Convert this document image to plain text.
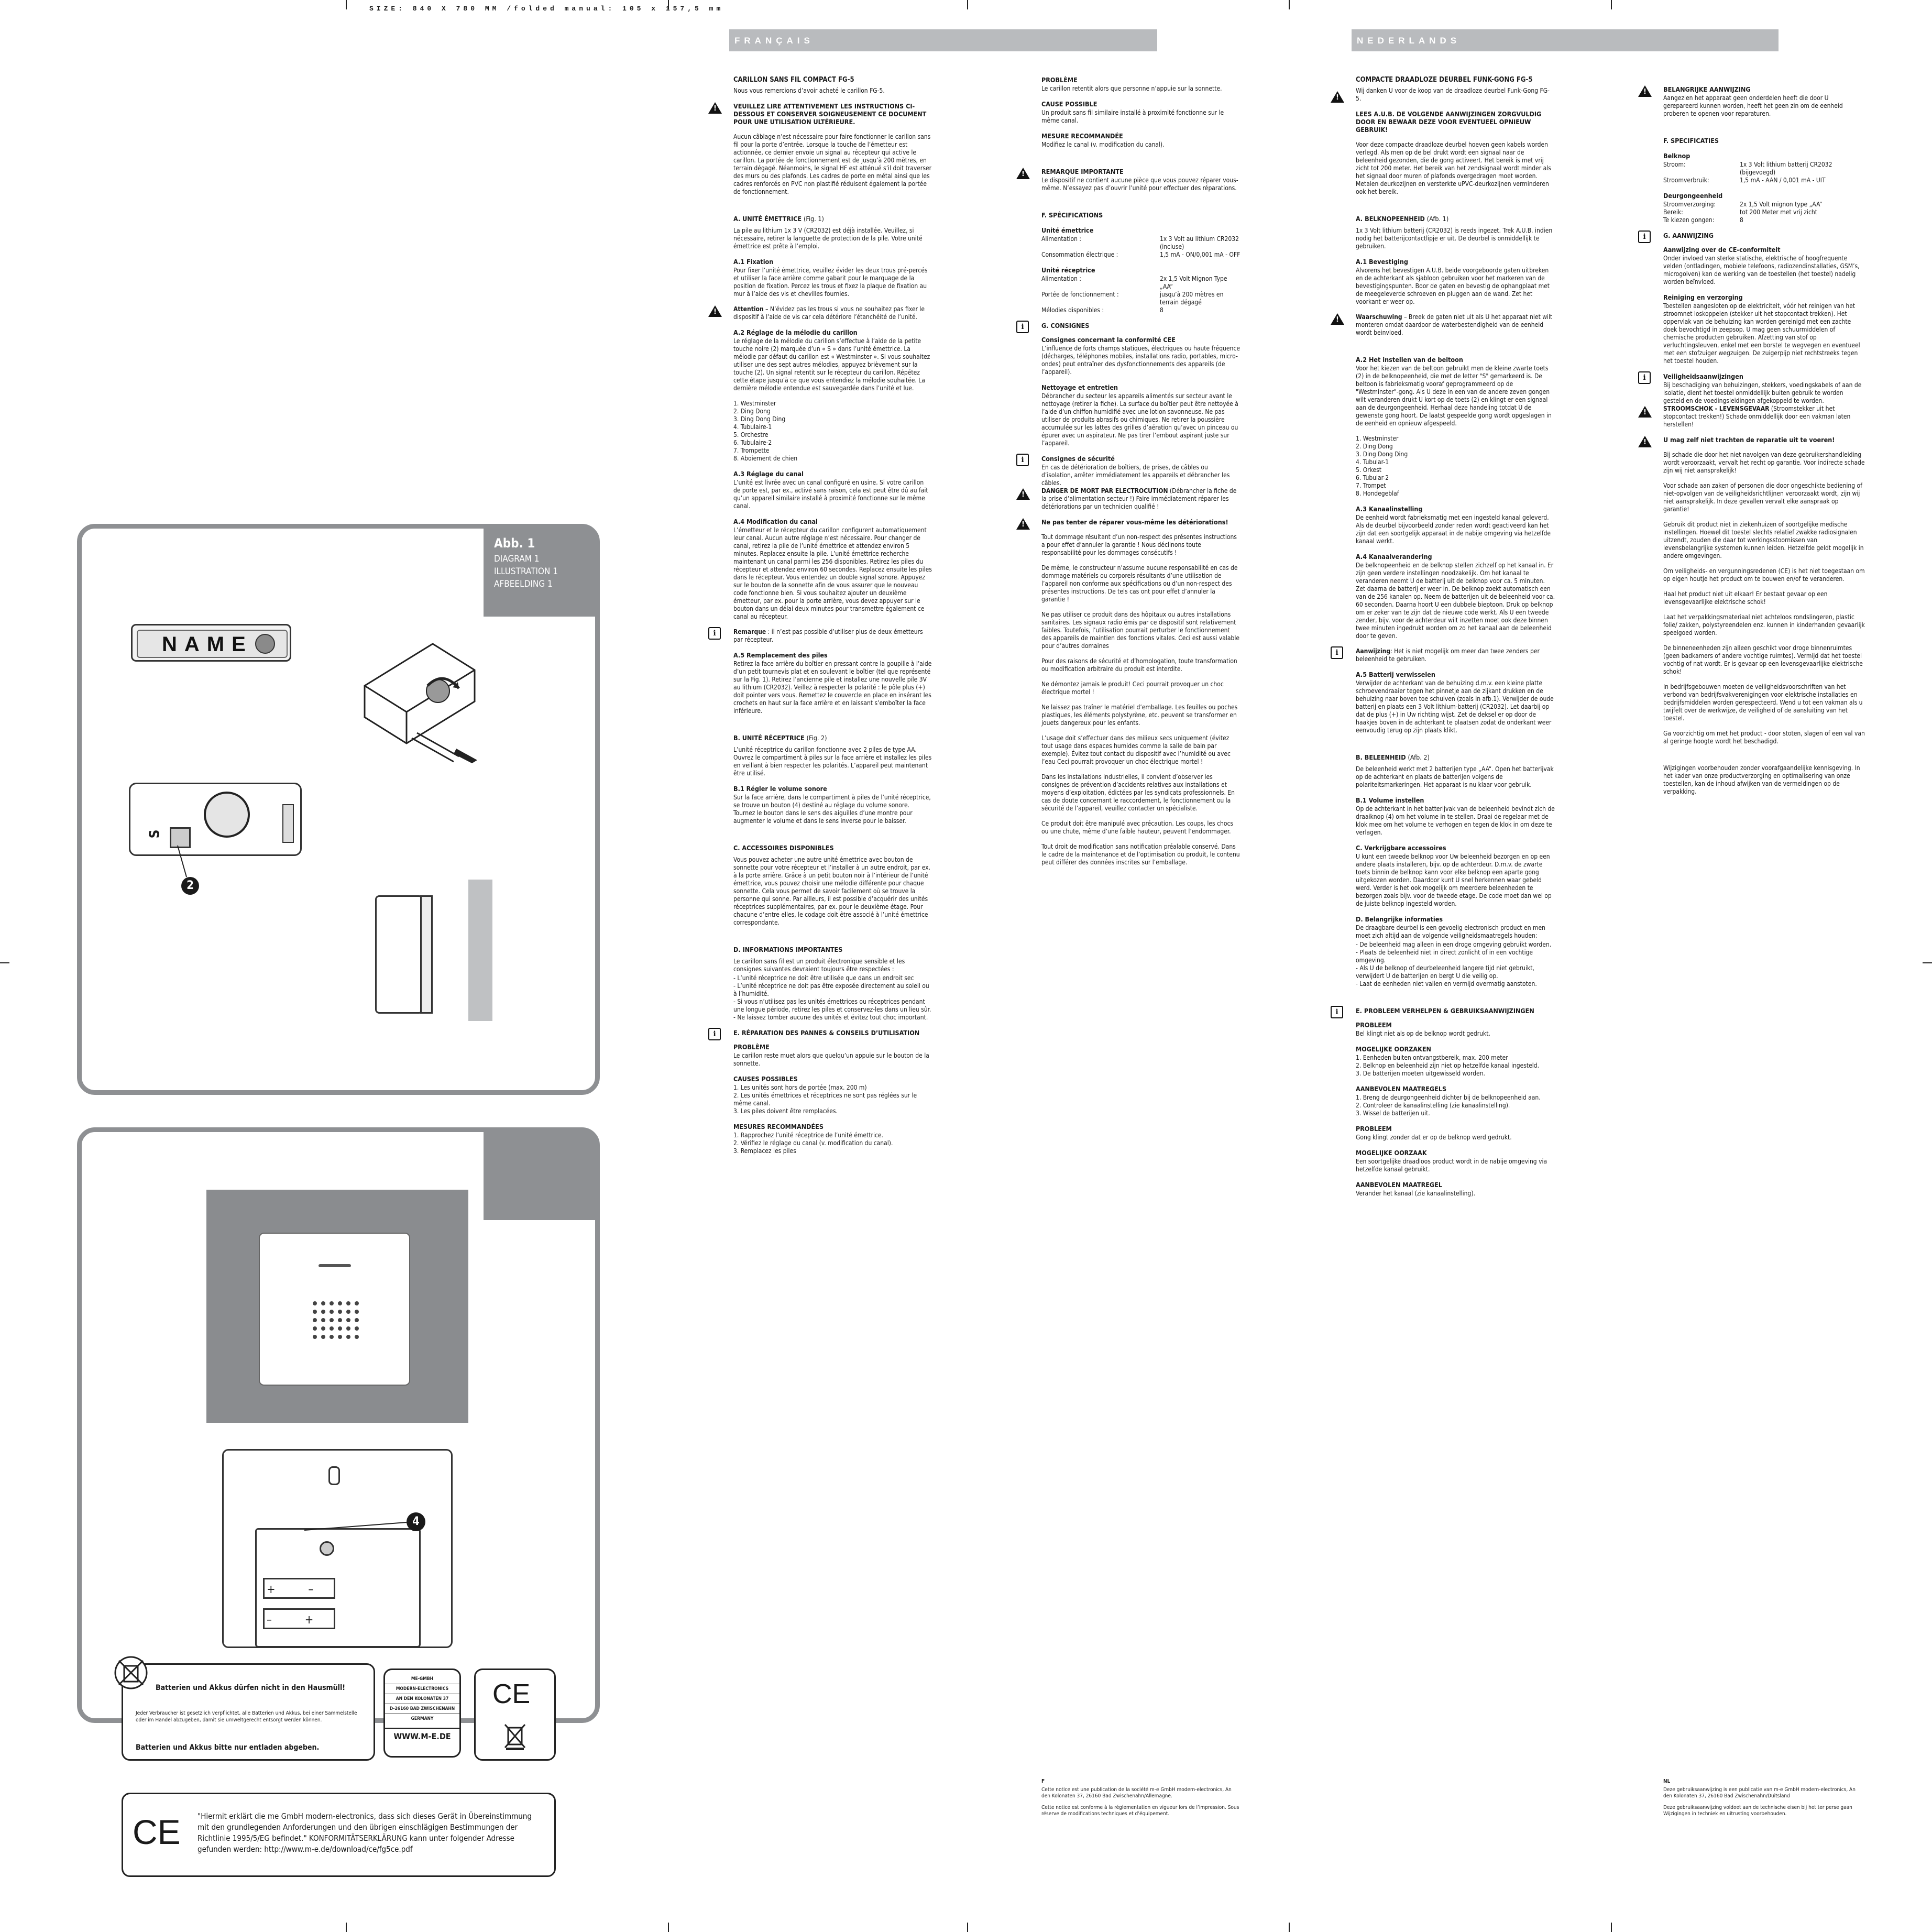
SIZE: 840 X 780 MM /folded manual: 105 x 157,5 mm
FRANÇAIS	NEDERLANDS
Abb. 1
DIAGRAM 1
ILLUSTRATION 1
AFBEELDING 1
NAME
S
2
+          –
–          +
4
Batterien und Akkus dürfen nicht in den Hausmüll!
Jeder Verbraucher ist gesetzlich verpflichtet, alle Batterien und Akkus, bei einer Sammelstelle oder im Handel abzugeben, damit sie umweltgerecht entsorgt werden können.
Batterien und Akkus bitte nur entladen abgeben.
ME-GMBH
MODERN-ELECTRONICS
AN DEN KOLONATEN 37
D-26160 BAD ZWISCHENAHN
GERMANY
WWW.M-E.DE
CE
CE "Hiermit erklärt die me GmbH modern-electronics, dass sich dieses Gerät in Übereinstimmung mit den grundlegenden Anforderungen und den übrigen einschlägigen Bestimmungen der Richtlinie 1995/5/EG befindet." KONFORMITÄTSERKLÄRUNG kann unter folgender Adresse gefunden werden: http://www.m-e.de/download/ce/fg5ce.pdf
CARILLON SANS FIL COMPACT FG-5

Nous vous remercions d’avoir acheté le carillon FG-5.

!
VEUILLEZ LIRE ATTENTIVEMENT LES INSTRUCTIONS CI-DESSOUS ET CONSERVER SOIGNEUSEMENT CE DOCUMENT POUR UNE UTILISATION ULTÉRIEURE.

Aucun câblage n’est nécessaire pour faire fonctionner le carillon sans fil pour la porte d’entrée. Lorsque la touche de l’émetteur est actionnée, ce dernier envoie un signal au récepteur qui active le carillon. La portée de fonctionnement est de jusqu’à 200 mètres, en terrain dégagé. Néanmoins, le signal HF est atténué s’il doit traverser des murs ou des plafonds. Les cadres de porte en métal ainsi que les cadres renforcés en PVC non plastifié réduisent également la portée de fonctionnement.

A. UNITÉ ÉMETTRICE (Fig. 1)

La pile au lithium 1x 3 V (CR2032) est déjà installée. Veuillez, si nécessaire, retirer la languette de protection de la pile. Votre unité émettrice est prête à l’emploi.

A.1 Fixation

Pour fixer l’unité émettrice, veuillez évider les deux trous pré-percés et utiliser la face arrière comme gabarit pour le marquage de la position de fixation. Percez les trous et fixez la plaque de fixation au mur à l’aide des vis et chevilles fournies.

!

Attention – N’évidez pas les trous si vous ne souhaitez pas fixer le dispositif à l’aide de vis car cela détériore l’étanchéité de l’unité.

A.2 Réglage de la mélodie du carillon

Le réglage de la mélodie du carillon s’effectue à l’aide de la petite touche noire (2) marquée d’un « S » dans l’unité émettrice. La mélodie par défaut du carillon est « Westminster ». Si vous souhaitez utiliser une des sept autres mélodies, appuyez brièvement sur la touche (2). Un signal retentit sur le récepteur du carillon. Répétez cette étape jusqu’à ce que vous entendiez la mélodie souhaitée. La dernière mélodie entendue est sauvegardée dans l’unité et lue.

1. Westminster
2. Ding Dong
3. Ding Dong Ding
4. Tubulaire-1
5. Orchestre
6. Tubulaire-2
7. Trompette
8. Aboiement de chien
A.3 Réglage du canal

L’unité est livrée avec un canal configuré en usine. Si votre carillon de porte est, par ex., activé sans raison, cela est peut être dû au fait qu’un appareil similaire installé à proximité fonctionne sur le même canal.

A.4 Modification du canal

L’émetteur et le récepteur du carillon configurent automatiquement leur canal. Aucun autre réglage n’est nécessaire. Pour changer de canal, retirez la pile de l’unité émettrice et attendez environ 5 minutes. Replacez ensuite la pile. L’unité émettrice recherche maintenant un canal parmi les 256 disponibles. Retirez les piles du récepteur et attendez environ 60 secondes. Replacez ensuite les piles dans le récepteur. Vous entendez un double signal sonore. Appuyez sur le bouton de la sonnette afin de vous assurer que le nouveau code fonctionne bien. Si vous souhaitez ajouter un deuxième émetteur, par ex. pour la porte arrière, vous devez appuyer sur le bouton dans un délai deux minutes pour transmettre également ce canal au récepteur.

i	Remarque : il n’est pas possible d’utiliser plus de deux émetteurs par récepteur.

A.5 Remplacement des piles

Retirez la face arrière du boîtier en pressant contre la goupille à l’aide d’un petit tournevis plat et en soulevant le boîtier (tel que représenté sur la Fig. 1). Retirez l’ancienne pile et installez une nouvelle pile 3V au lithium (CR2032). Veillez à respecter la polarité : le pôle plus (+) doit pointer vers vous. Remettez le couvercle en place en insérant les crochets en haut sur la face arrière et en laissant s’emboîter la face inférieure.

B. UNITÉ RÉCEPTRICE (Fig. 2)

L’unité réceptrice du carillon fonctionne avec 2 piles de type AA. Ouvrez le compartiment à piles sur la face arrière et installez les piles en veillant à bien respecter les polarités. L’appareil peut maintenant être utilisé.

B.1 Régler le volume sonore

Sur la face arrière, dans le compartiment à piles de l’unité réceptrice, se trouve un bouton (4) destiné au réglage du volume sonore. Tournez le bouton dans le sens des aiguilles d’une montre pour augmenter le volume et dans le sens inverse pour le baisser.

C. ACCESSOIRES DISPONIBLES

Vous pouvez acheter une autre unité émettrice avec bouton de sonnette pour votre récepteur et l’installer à un autre endroit, par ex. à la porte arrière. Grâce à un petit bouton noir à l’intérieur de l’unité émettrice, vous pouvez choisir une mélodie différente pour chaque sonnette. Cela vous permet de savoir facilement où se trouve la personne qui sonne. Par ailleurs, il est possible d’acquérir des unités réceptrices supplémentaires, par ex. pour le deuxième étage. Pour chacune d’entre elles, le codage doit être associé à l’unité émettrice correspondante.

D. INFORMATIONS IMPORTANTES

Le carillon sans fil est un produit électronique sensible et les consignes suivantes devraient toujours être respectées :

- L’unité réceptrice ne doit être utilisée que dans un endroit sec
- L’unité réceptrice ne doit pas être exposée directement au soleil ou à l’humidité.
- Si vous n’utilisez pas les unités émettrices ou réceptrices pendant une longue période, retirez les piles et conservez-les dans un lieu sûr.
- Ne laissez tomber aucune des unités et évitez tout choc important.
i	E. RÉPARATION DES PANNES & CONSEILS D’UTILISATION
PROBLÈME

Le carillon reste muet alors que quelqu’un appuie sur le bouton de la sonnette.

CAUSES POSSIBLES
1. Les unités sont hors de portée (max. 200 m)
2. Les unités émettrices et réceptrices ne sont pas réglées sur le même canal.
3. Les piles doivent être remplacées.
MESURES RECOMMANDÉES
1. Rapprochez l’unité réceptrice de l’unité émettrice.
2. Vérifiez le réglage du canal (v. modification du canal).
3. Remplacez les piles
PROBLÈME

Le carillon retentit alors que personne n’appuie sur la sonnette.

CAUSE POSSIBLE

Un produit sans fil similaire installé à proximité fonctionne sur le même canal.

MESURE RECOMMANDÉE

Modifiez le canal (v. modification du canal).

!
REMARQUE IMPORTANTE

Le dispositif ne contient aucune pièce que vous pouvez réparer vous-même. N’essayez pas d’ouvrir l’unité pour effectuer des réparations.

F. SPÉCIFICATIONS
Unité émettrice
Alimentation :	1x 3 Volt au lithium CR2032 (incluse)
Consommation électrique :	1,5 mA - ON/0,001 mA - OFF
Unité réceptrice
Alimentation :	2x 1,5 Volt Mignon Type „AA“
Portée de fonctionnement :	jusqu’à 200 mètres en terrain dégagé
Mélodies disponibles :	8
i	G. CONSIGNES
Consignes concernant la conformité CEE

L’influence de forts champs statiques, électriques ou haute fréquence (décharges, téléphones mobiles, installations radio, portables, micro-ondes) peut entraîner des dysfonctionnements des appareils (de l’appareil).

Nettoyage et entretien

Débrancher du secteur les appareils alimentés sur secteur avant le nettoyage (retirer la fiche). La surface du boîtier peut être nettoyée à l’aide d’un chiffon humidifié avec une lotion savonneuse. Ne pas utiliser de produits abrasifs ou chimiques. Ne retirer la poussière accumulée sur les lattes des grilles d’aération qu’avec un pinceau ou épurer avec un aspirateur. Ne pas tirer l’embout aspirant juste sur l’appareil.

i	Consignes de sécurité

En cas de détérioration de boîtiers, de prises, de câbles ou d’isolation, arrêter immédiatement les appareils et débrancher les câbles.

!
DANGER DE MORT PAR ELECTROCUTION (Débrancher la fiche de la prise d’alimentation secteur !) Faire immédiatement réparer les détériorations par un technicien qualifié !

!
Ne pas tenter de réparer vous-même les détériorations!

Tout dommage résultant d’un non-respect des présentes instructions a pour effet d’annuler la garantie ! Nous déclinons toute responsabilité pour les dommages consécutifs !

De même, le constructeur n’assume aucune responsabilité en cas de dommage matériels ou corporels résultants d’une utilisation de l’appareil non conforme aux spécifications ou d’un non-respect des présentes instructions. De tels cas ont pour effet d’annuler la garantie !

Ne pas utiliser ce produit dans des hôpitaux ou autres installations sanitaires. Les signaux radio émis par ce dispositif sont relativement faibles. Toutefois, l’utilisation pourrait perturber le fonctionnement des appareils de maintien des fonctions vitales. Ceci est aussi valable pour d’autres domaines

Pour des raisons de sécurité et d’homologation, toute transformation ou modification arbitraire du produit est interdite.

Ne démontez jamais le produit! Ceci pourrait provoquer un choc électrique mortel !

Ne laissez pas traîner le matériel d’emballage. Les feuilles ou poches plastiques, les éléments polystyrène, etc. peuvent se transformer en jouets dangereux pour les enfants.

L’usage doit s’effectuer dans des milieux secs uniquement (évitez tout usage dans espaces humides comme la salle de bain par exemple). Évitez tout contact du dispositif avec l’humidité ou avec l’eau Ceci pourrait provoquer un choc électrique mortel !

Dans les installations industrielles, il convient d’observer les consignes de prévention d’accidents relatives aux installations et moyens d’exploitation, édictées par les syndicats professionnels. En cas de doute concernant le raccordement, le fonctionnement ou la sécurité de l’appareil, veuillez contacter un spécialiste.

Ce produit doit être manipulé avec précaution. Les coups, les chocs ou une chute, même d’une faible hauteur, peuvent l’endommager.

Tout droit de modification sans notification préalable conservé. Dans le cadre de la maintenance et de l’optimisation du produit, le contenu peut différer des données inscrites sur l’emballage.

F
Cette notice est une publication de la société m-e GmbH modern-electronics, An den Kolonaten 37, 26160 Bad Zwischenahn/Allemagne.
Cette notice est conforme à la réglementation en vigueur lors de l’impression. Sous réserve de modifications techniques et d’équipement.
COMPACTE DRAADLOZE DEURBEL FUNK-GONG FG-5
!

Wij danken U voor de koop van de draadloze deurbel Funk-Gong FG-5.

LEES A.U.B. DE VOLGENDE AANWIJZINGEN ZORGVULDIG DOOR EN BEWAAR DEZE VOOR EVENTUEEL OPNIEUW GEBRUIK!

Voor deze compacte draadloze deurbel hoeven geen kabels worden verlegd. Als men op de bel drukt wordt een signaal naar de beleenheid gezonden, die de gong activeert. Het bereik is met vrij zicht tot 200 meter. Het bereik van het zendsignaal wordt minder als het signaal door muren of plafonds overgedragen moet worden. Metalen deurkozijnen en versterkte uPVC-deurkozijnen verminderen ook het bereik.

A. BELKNOPEENHEID (Afb. 1)

1x 3 Volt lithium batterij (CR2032) is reeds ingezet. Trek A.U.B. indien nodig het batterijcontactlipje er uit. De deurbel is onmiddellijk te gebruiken.

A.1 Bevestiging

Alvorens het bevestigen A.U.B. beide voorgeboorde gaten uitbreken en de achterkant als sjabloon gebruiken voor het markeren van de bevestigingspunten. Boor de gaten en bevestig de ophangplaat met de meegeleverde schroeven en pluggen aan de wand. Zet het voorkant er weer op.

!

Waarschuwing – Breek de gaten niet uit als U het apparaat niet wilt monteren omdat daardoor de waterbestendigheid van de eenheid wordt beinvloed.

A.2 Het instellen van de beltoon

Voor het kiezen van de beltoon gebruikt men de kleine zwarte toets (2) in de belknopeenheid, die met de letter "S" gemarkeerd is. De beltoon is fabrieksmatig vooraf geprogrammeerd op de "Westminster"-gong. Als U deze in een van de andere zeven gongen wilt veranderen drukt U kort op de toets (2) en klingt er een signaal aan de deurgongeenheid. Herhaal deze handeling totdat U de gewenste gong hoort. De laatst gespeelde gong wordt opgeslagen in de eenheid en opnieuw afgespeeld.

1. Westminster
2. Ding Dong
3. Ding Dong Ding
4. Tubular-1
5. Orkest
6. Tubular-2
7. Trompet
8. Hondegeblaf
A.3 Kanaalinstelling

De eenheid wordt fabrieksmatig met een ingesteld kanaal geleverd. Als de deurbel bijvoorbeeld zonder reden wordt geactiveerd kan het zijn dat een soortgelijk apparaat in de nabije omgeving via hetzelfde kanaal werkt.

A.4 Kanaalverandering

De belknopeenheid en de belknop stellen zichzelf op het kanaal in. Er zijn geen verdere instellingen noodzakelijk. Om het kanaal te veranderen neemt U de batterij uit de belknop voor ca. 5 minuten. Zet daarna de batterij er weer in. De belknop zoekt automatisch een van de 256 kanalen op. Neem de batterijen uit de beleenheid voor ca. 60 seconden. Daarna hoort U een dubbele bieptoon. Druk op belknop om er zeker van te zijn dat de nieuwe code werkt. Als U een tweede zender, bijv. voor de achterdeur wilt inzetten moet ook deze binnen twee minuten ingedrukt worden om zo het kanaal aan de beleenheid door te geven.

i	Aanwijzing: Het is niet mogelijk om meer dan twee zenders per beleenheid te gebruiken.

A.5 Batterij verwisselen

Verwijder de achterkant van de behuizing d.m.v. een kleine platte schroevendraaier tegen het pinnetje aan de zijkant drukken en de behuizing naar boven toe schuiven (zoals in afb.1). Verwijder de oude batterij en plaats een 3 Volt lithium-batterij (CR2032). Let daarbij op dat de plus (+) in Uw richting wijst. Zet de deksel er op door de haakjes boven in de achterkant te plaatsen zodat de onderkant weer eenvoudig terug op zijn plaats klikt.

B. BELEENHEID (Afb. 2)

De beleenheid werkt met 2 batterijen type „AA“. Open het batterijvak op de achterkant en plaats de batterijen volgens de polariteitsmarkeringen. Het apparaat is nu klaar voor gebruik.

B.1 Volume instellen

Op de achterkant in het batterijvak van de beleenheid bevindt zich de draaiknop (4) om het volume in te stellen. Draai de regelaar met de klok mee om het volume te verhogen en tegen de klok in om deze te verlagen.

C. Verkrijgbare accessoires

U kunt een tweede belknop voor Uw beleenheid bezorgen en op een andere plaats installeren, bijv. op de achterdeur. D.m.v. de zwarte toets binnin de belknop kann voor elke belknop een aparte gong uitgekozen worden. Daardoor kunt U snel herkennen waar gebeld werd. Verder is het ook mogelijk om meerdere beleenheden te bezorgen zoals bijv. voor de tweede etage. De code moet dan wel op de juiste belknop ingesteld worden.

D. Belangrijke informaties

De draagbare deurbel is een gevoelig electronisch product en men moet zich altijd aan de volgende veiligheidsmaatregels houden:

- De beleenheid mag alleen in een droge omgeving gebruikt worden.
- Plaats de beleenheid niet in direct zonlicht of in een vochtige omgeving.
- Als U de belknop of deurbeleenheid langere tijd niet gebruikt, verwijdert U de batterijen en bergt U die veilig op.
- Laat de eenheden niet vallen en vermijd overmatig aanstoten.
i	E. PROBLEEM VERHELPEN & GEBRUIKSAANWIJZINGEN
PROBLEEM

Bel klingt niet als op de belknop wordt gedrukt.

MOGELIJKE OORZAKEN
1. Eenheden buiten ontvangstbereik, max. 200 meter
2. Belknop en beleenheid zijn niet op hetzelfde kanaal ingesteld.
3. De batterijen moeten uitgewisseld worden.
AANBEVOLEN MAATREGELS
1. Breng de deurgongeenheid dichter bij de belknopeenheid aan.
2. Controleer de kanaalinstelling (zie kanaalinstelling).
3. Wissel de batterijen uit.
PROBLEEM

Gong klingt zonder dat er op de belknop werd gedrukt.

MOGELIJKE OORZAAK

Een soortgelijke draadloos product wordt in de nabije omgeving via hetzelfde kanaal gebruikt.

AANBEVOLEN MAATREGEL

Verander het kanaal (zie kanaalinstelling).

!
BELANGRIJKE AANWIJZING

Aangezien het apparaat geen onderdelen heeft die door U gerepareerd kunnen worden, heeft het geen zin om de eenheid proberen te openen voor reparaturen.

F. SPECIFICATIES
Belknop
Stroom:	1x 3 Volt lithium batterij CR2032 (bijgevoegd)
Stroomverbruik:	1,5 mA - AAN / 0,001 mA - UIT
Deurgongeenheid
Stroomverzorging:	2x 1,5 Volt mignon type „AA“
Bereik:	tot 200 Meter met vrij zicht
Te kiezen gongen:	8
i	G. AANWIJZING
Aanwijzing over de CE-conformiteit

Onder invloed van sterke statische, elektrische of hoogfrequente velden (ontladingen, mobiele telefoons, radiozendinstallaties, GSM’s, microgolven) kan de werking van de toestellen (het toestel) nadelig worden beïnvloed.

Reiniging en verzorging

Toestellen aangesloten op de elektriciteit, vóór het reinigen van het stroomnet loskoppelen (stekker uit het stopcontact trekken). Het oppervlak van de behuizing kan worden gereinigd met een zachte doek bevochtigd in zeepsop. U mag geen schuurmiddelen of chemische producten gebruiken. Afzetting van stof op verluchtingsleuven, enkel met een borstel te wegvegen en eventueel met een stofzuiger wegzuigen. De zuigerpijp niet rechtstreeks tegen het toestel houden.

i	Veiligheidsaanwijzingen

Bij beschadiging van behuizingen, stekkers, voedingskabels of aan de isolatie, dient het toestel onmiddellijk buiten gebruik te worden gesteld en de voedingsleidingen afgekoppeld te worden.

!
STROOMSCHOK - LEVENSGEVAAR (Stroomstekker uit het stopcontact trekken!) Schade onmiddellijk door een vakman laten herstellen!

!
U mag zelf niet trachten de reparatie uit te voeren!

Bij schade die door het niet navolgen van deze gebruikershandleiding wordt veroorzaakt, vervalt het recht op garantie. Voor indirecte schade zijn wij niet aansprakelijk!

Voor schade aan zaken of personen die door ongeschikte bediening of niet-opvolgen van de veiligheidsrichtlijnen veroorzaakt wordt, zijn wij niet aansprakelijk. In deze gevallen vervalt elke aanspraak op garantie!

Gebruik dit product niet in ziekenhuizen of soortgelijke medische instellingen. Hoewel dit toestel slechts relatief zwakke radiosignalen uitzendt, zouden die daar tot werkingsstoornissen van levensbelangrijke systemen kunnen leiden. Hetzelfde geldt mogelijk in andere omgevingen.

Om veiligheids- en vergunningsredenen (CE) is het niet toegestaan om op eigen houtje het product om te bouwen en/of te veranderen.

Haal het product niet uit elkaar! Er bestaat gevaar op een levensgevaarlijke elektrische schok!

Laat het verpakkingsmateriaal niet achteloos rondslingeren, plastic folie/ zakken, polystyreendelen enz. kunnen in kinderhanden gevaarlijk speelgoed worden.

De binneneenheden zijn alleen geschikt voor droge binnenruimtes (geen badkamers of andere vochtige ruimtes). Vermijd dat het toestel vochtig of nat wordt. Er is gevaar op een levensgevaarlijke elektrische schok!

In bedrijfsgebouwen moeten de veiligheidsvoorschriften van het verbond van bedrijfsvakverenigingen voor elektrische installaties en bedrijfsmiddelen worden gerespecteerd. Wend u tot een vakman als u twijfelt over de werkwijze, de veiligheid of de aansluiting van het toestel.

Ga voorzichtig om met het product - door stoten, slagen of een val van al geringe hoogte wordt het beschadigd.

Wijzigingen voorbehouden zonder voorafgaandelijke kennisgeving. In het kader van onze productverzorging en optimalisering van onze toestellen, kan de inhoud afwijken van de vermeldingen op de verpakking.

NL
Deze gebruiksaanwijzing is een publicatie van m-e GmbH modern-electronics, An den Kolonaten 37, 26160 Bad Zwischenahn/Duitsland
Deze gebruiksaanwijzing voldoet aan de technische eisen bij het ter perse gaan Wijzigingen in techniek en uitrusting voorbehouden.
